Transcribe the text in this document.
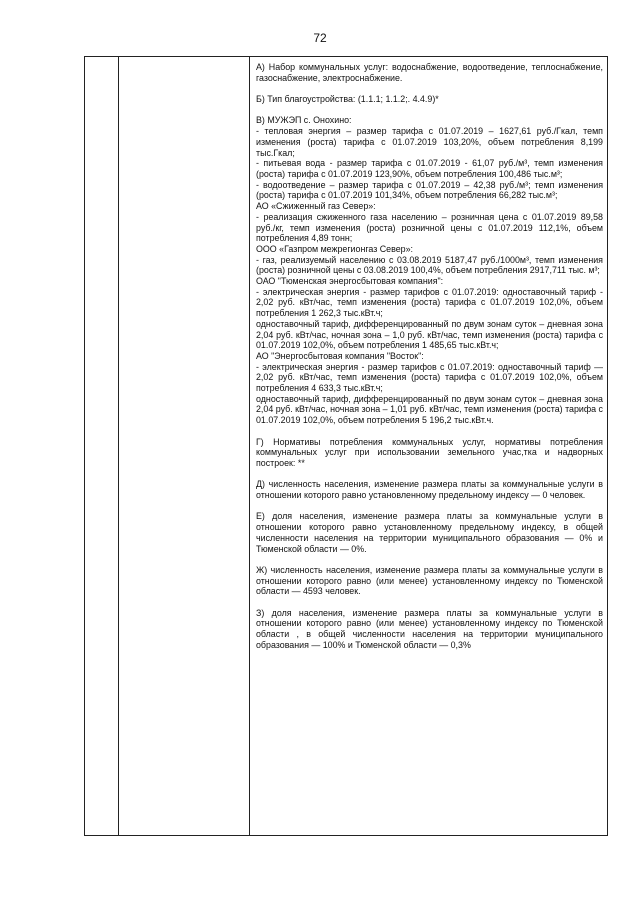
72

А) Набор коммунальных услуг: водоснабжение, водоотведение, теплоснабжение, газоснабжение, электроснабжение.

Б) Тип благоустройства: (1.1.1; 1.1.2;. 4.4.9)*

В) МУЖЭП с. Онохино:

- тепловая энергия – размер тарифа с 01.07.2019 – 1627,61 руб./Гкал, темп изменения (роста) тарифа с 01.07.2019 103,20%, объем потребления 8,199 тыс.Гкал;

- питьевая вода - размер тарифа с 01.07.2019 - 61,07 руб./м³, темп изменения (роста) тарифа с 01.07.2019 123,90%, объем потребления 100,486 тыс.м³;

- водоотведение – размер тарифа с 01.07.2019 – 42,38 руб./м³; темп изменения (роста) тарифа с 01.07.2019 101,34%, объем потребления 66,282 тыс.м³;

АО «Сжиженный газ Север»:

- реализация сжиженного газа населению – розничная цена с 01.07.2019 89,58 руб./кг, темп изменения (роста) розничной цены с 01.07.2019 112,1%, объем потребления 4,89 тонн;

ООО «Газпром межрегионгаз Север»:

- газ, реализуемый населению с 03.08.2019 5187,47 руб./1000м³, темп изменения (роста) розничной цены с 03.08.2019 100,4%, объем потребления 2917,711 тыс. м³;

ОАО "Тюменская энергосбытовая компания":

- электрическая энергия - размер тарифов с 01.07.2019: одноставочный тариф - 2,02 руб. кВт/час, темп изменения (роста) тарифа с 01.07.2019 102,0%, объем потребления 1 262,3 тыс.кВт.ч;

одноставочный тариф, дифференцированный по двум зонам суток – дневная зона 2,04 руб. кВт/час, ночная зона – 1,0 руб. кВт/час, темп изменения (роста) тарифа с 01.07.2019 102,0%, объем потребления 1 485,65 тыс.кВт.ч;

АО "Энергосбытовая компания "Восток":

- электрическая энергия - размер тарифов с 01.07.2019: одноставочный тариф — 2,02 руб. кВт/час, темп изменения (роста) тарифа с 01.07.2019 102,0%, объем потребления 4 633,3 тыс.кВт.ч;

одноставочный тариф, дифференцированный по двум зонам суток – дневная зона 2,04 руб. кВт/час, ночная зона – 1,01 руб. кВт/час, темп изменения (роста) тарифа с 01.07.2019 102,0%, объем потребления 5 196,2 тыс.кВт.ч.

Г) Нормативы потребления коммунальных услуг, нормативы потребления коммунальных услуг при использовании земельного учас,тка и надворных построек: **

Д) численность населения, изменение размера платы за коммунальные услуги в отношении которого равно установленному предельному индексу — 0 человек.

Е) доля населения, изменение размера платы за коммунальные услуги в отношении которого равно установленному предельному индексу, в общей численности населения на территории муниципального образования — 0% и Тюменской области — 0%.

Ж) численность населения, изменение размера платы за коммунальные услуги в отношении которого равно (или менее) установленному индексу по Тюменской области — 4593 человек.

З) доля населения, изменение размера платы за коммунальные услуги в отношении которого равно (или менее) установленному индексу по Тюменской области , в общей численности населения на территории муниципального образования — 100% и Тюменской области — 0,3%
